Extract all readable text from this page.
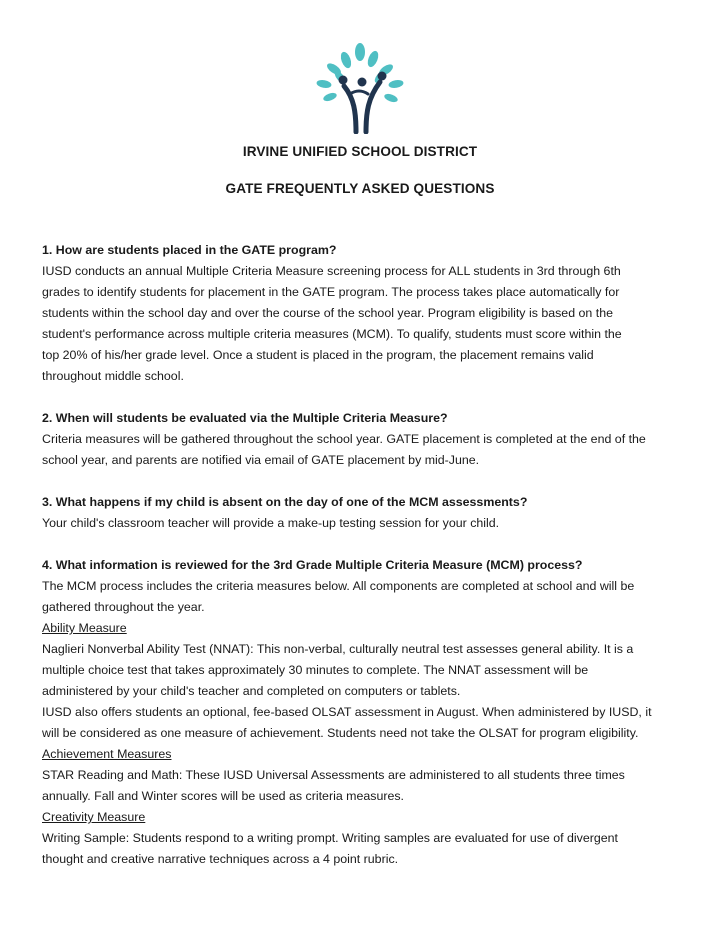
IRVINE UNIFIED SCHOOL DISTRICT
GATE FREQUENTLY ASKED QUESTIONS

1. How are students placed in the GATE program?

IUSD conducts an annual Multiple Criteria Measure screening process for ALL students in 3rd through 6th

grades to identify students for placement in the GATE program. The process takes place automatically for

students within the school day and over the course of the school year. Program eligibility is based on the

student's performance across multiple criteria measures (MCM). To qualify, students must score within the

top 20% of his/her grade level. Once a student is placed in the program, the placement remains valid

throughout middle school.

2. When will students be evaluated via the Multiple Criteria Measure?

Criteria measures will be gathered throughout the school year. GATE placement is completed at the end of the

school year, and parents are notified via email of GATE placement by mid-June.

3. What happens if my child is absent on the day of one of the MCM assessments?

Your child's classroom teacher will provide a make-up testing session for your child.

4. What information is reviewed for the 3rd Grade Multiple Criteria Measure (MCM) process?

The MCM process includes the criteria measures below. All components are completed at school and will be

gathered throughout the year.

Ability Measure

Naglieri Nonverbal Ability Test (NNAT): This non-verbal, culturally neutral test assesses general ability. It is a

multiple choice test that takes approximately 30 minutes to complete. The NNAT assessment will be

administered by your child's teacher and completed on computers or tablets.

IUSD also offers students an optional, fee-based OLSAT assessment in August. When administered by IUSD, it

will be considered as one measure of achievement. Students need not take the OLSAT for program eligibility.

Achievement Measures

STAR Reading and Math: These IUSD Universal Assessments are administered to all students three times

annually. Fall and Winter scores will be used as criteria measures.

Creativity Measure

Writing Sample: Students respond to a writing prompt. Writing samples are evaluated for use of divergent

thought and creative narrative techniques across a 4 point rubric.
